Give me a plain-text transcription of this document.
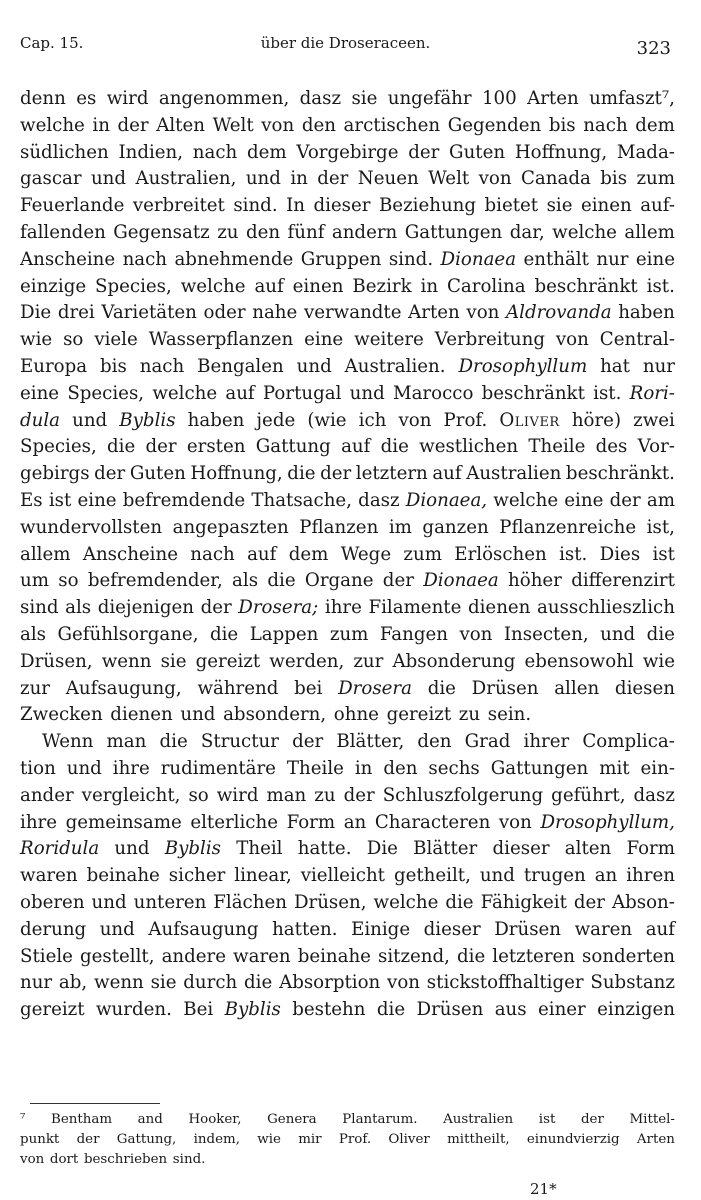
Cap. 15.	über die Droseraceen.	323
denn es wird angenommen, dasz sie ungefähr 100 Arten umfaszt⁷,
welche in der Alten Welt von den arctischen Gegenden bis nach dem
südlichen Indien, nach dem Vorgebirge der Guten Hoffnung, Mada-
gascar und Australien, und in der Neuen Welt von Canada bis zum
Feuerlande verbreitet sind. In dieser Beziehung bietet sie einen auf-
fallenden Gegensatz zu den fünf andern Gattungen dar, welche allem
Anscheine nach abnehmende Gruppen sind. Dionaea enthält nur eine
einzige Species, welche auf einen Bezirk in Carolina beschränkt ist.
Die drei Varietäten oder nahe verwandte Arten von Aldrovanda haben
wie so viele Wasserpflanzen eine weitere Verbreitung von Central-
Europa bis nach Bengalen und Australien. Drosophyllum hat nur
eine Species, welche auf Portugal und Marocco beschränkt ist. Rori-
dula und Byblis haben jede (wie ich von Prof. Oliver höre) zwei
Species, die der ersten Gattung auf die westlichen Theile des Vor-
gebirgs der Guten Hoffnung, die der letztern auf Australien beschränkt.
Es ist eine befremdende Thatsache, dasz Dionaea, welche eine der am
wundervollsten angepaszten Pflanzen im ganzen Pflanzenreiche ist,
allem Anscheine nach auf dem Wege zum Erlöschen ist. Dies ist
um so befremdender, als die Organe der Dionaea höher differenzirt
sind als diejenigen der Drosera; ihre Filamente dienen ausschlieszlich
als Gefühlsorgane, die Lappen zum Fangen von Insecten, und die
Drüsen, wenn sie gereizt werden, zur Absonderung ebensowohl wie
zur Aufsaugung, während bei Drosera die Drüsen allen diesen
Zwecken dienen und absondern, ohne gereizt zu sein.
Wenn man die Structur der Blätter, den Grad ihrer Complica-
tion und ihre rudimentäre Theile in den sechs Gattungen mit ein-
ander vergleicht, so wird man zu der Schluszfolgerung geführt, dasz
ihre gemeinsame elterliche Form an Characteren von Drosophyllum,
Roridula und Byblis Theil hatte. Die Blätter dieser alten Form
waren beinahe sicher linear, vielleicht getheilt, und trugen an ihren
oberen und unteren Flächen Drüsen, welche die Fähigkeit der Abson-
derung und Aufsaugung hatten. Einige dieser Drüsen waren auf
Stiele gestellt, andere waren beinahe sitzend, die letzteren sonderten
nur ab, wenn sie durch die Absorption von stickstoffhaltiger Substanz
gereizt wurden. Bei Byblis bestehn die Drüsen aus einer einzigen
⁷ Bentham and Hooker, Genera Plantarum. Australien ist der Mittel-
punkt der Gattung, indem, wie mir Prof. Oliver mittheilt, einundvierzig Arten
von dort beschrieben sind.
21*
